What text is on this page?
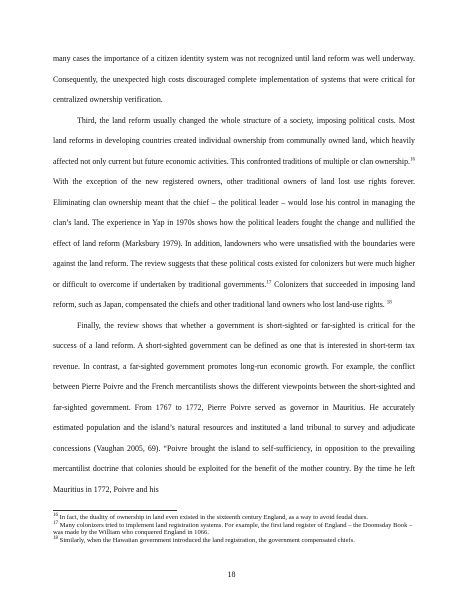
many cases the importance of a citizen identity system was not recognized until land reform was well underway. Consequently, the unexpected high costs discouraged complete implementation of systems that were critical for centralized ownership verification.

Third, the land reform usually changed the whole structure of a society, imposing political costs. Most land reforms in developing countries created individual ownership from communally owned land, which heavily affected not only current but future economic activities. This confronted traditions of multiple or clan ownership.$^{16}$ With the exception of the new registered owners, other traditional owners of land lost use rights forever. Eliminating clan ownership meant that the chief – the political leader – would lose his control in managing the clan’s land. The experience in Yap in 1970s shows how the political leaders fought the change and nullified the effect of land reform (Marksbury 1979). In addition, landowners who were unsatisfied with the boundaries were against the land reform. The review suggests that these political costs existed for colonizers but were much higher or difficult to overcome if undertaken by traditional governments.$^{17}$ Colonizers that succeeded in imposing land reform, such as Japan, compensated the chiefs and other traditional land owners who lost land-use rights. $^{18}$

Finally, the review shows that whether a government is short-sighted or far-sighted is critical for the success of a land reform. A short-sighted government can be defined as one that is interested in short-term tax revenue. In contrast, a far-sighted government promotes long-run economic growth. For example, the conflict between Pierre Poivre and the French mercantilists shows the different viewpoints between the short-sighted and far-sighted government. From 1767 to 1772, Pierre Poivre served as governor in Mauritius. He accurately estimated population and the island’s natural resources and instituted a land tribunal to survey and adjudicate concessions (Vaughan 2005, 69). “Poivre brought the island to self-sufficiency, in opposition to the prevailing mercantilist doctrine that colonies should be exploited for the benefit of the mother country. By the time he left Mauritius in 1772, Poivre and his

$^{16}$ In fact, the duality of ownership in land even existed in the sixteenth century England, as a way to avoid feudal dues.

$^{17}$ Many colonizers tried to implement land registration systems. For example, the first land register of England – the Doomsday Book – was made by the William who conquered England in 1066.

$^{18}$ Similarly, when the Hawaiian government introduced the land registration, the government compensated chiefs.

18
